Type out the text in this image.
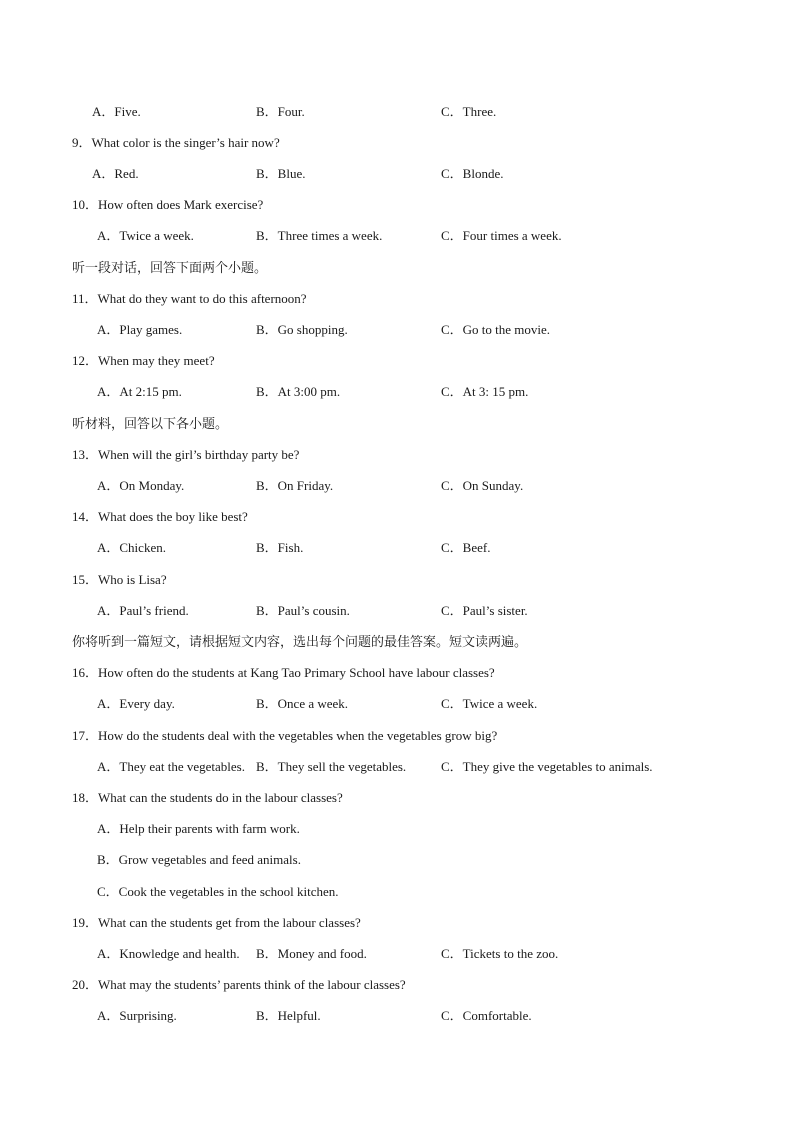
A．Five.	B．Four.	C．Three.
9．What color is the singer’s hair now?
A．Red.	B．Blue.	C．Blonde.
10．How often does Mark exercise?
A．Twice a week.	B．Three times a week.	C．Four times a week.
听一段对话，回答下面两个小题。
11．What do they want to do this afternoon?
A．Play games.	B．Go shopping.	C．Go to the movie.
12．When may they meet?
A．At 2:15 pm.	B．At 3:00 pm.	C．At 3: 15 pm.
听材料，回答以下各小题。
13．When will the girl’s birthday party be?
A．On Monday.	B．On Friday.	C．On Sunday.
14．What does the boy like best?
A．Chicken.	B．Fish.	C．Beef.
15．Who is Lisa?
A．Paul’s friend.	B．Paul’s cousin.	C．Paul’s sister.
你将听到一篇短文，请根据短文内容，选出每个问题的最佳答案。短文读两遍。
16．How often do the students at Kang Tao Primary School have labour classes?
A．Every day.	B．Once a week.	C．Twice a week.
17．How do the students deal with the vegetables when the vegetables grow big?
A．They eat the vegetables. B．They sell the vegetables.	C．They give the vegetables to animals.
18．What can the students do in the labour classes?
A．Help their parents with farm work.
B．Grow vegetables and feed animals.
C．Cook the vegetables in the school kitchen.
19．What can the students get from the labour classes?
A．Knowledge and health. B．Money and food.	C．Tickets to the zoo.
20．What may the students’ parents think of the labour classes?
A．Surprising.	B．Helpful.	C．Comfortable.
